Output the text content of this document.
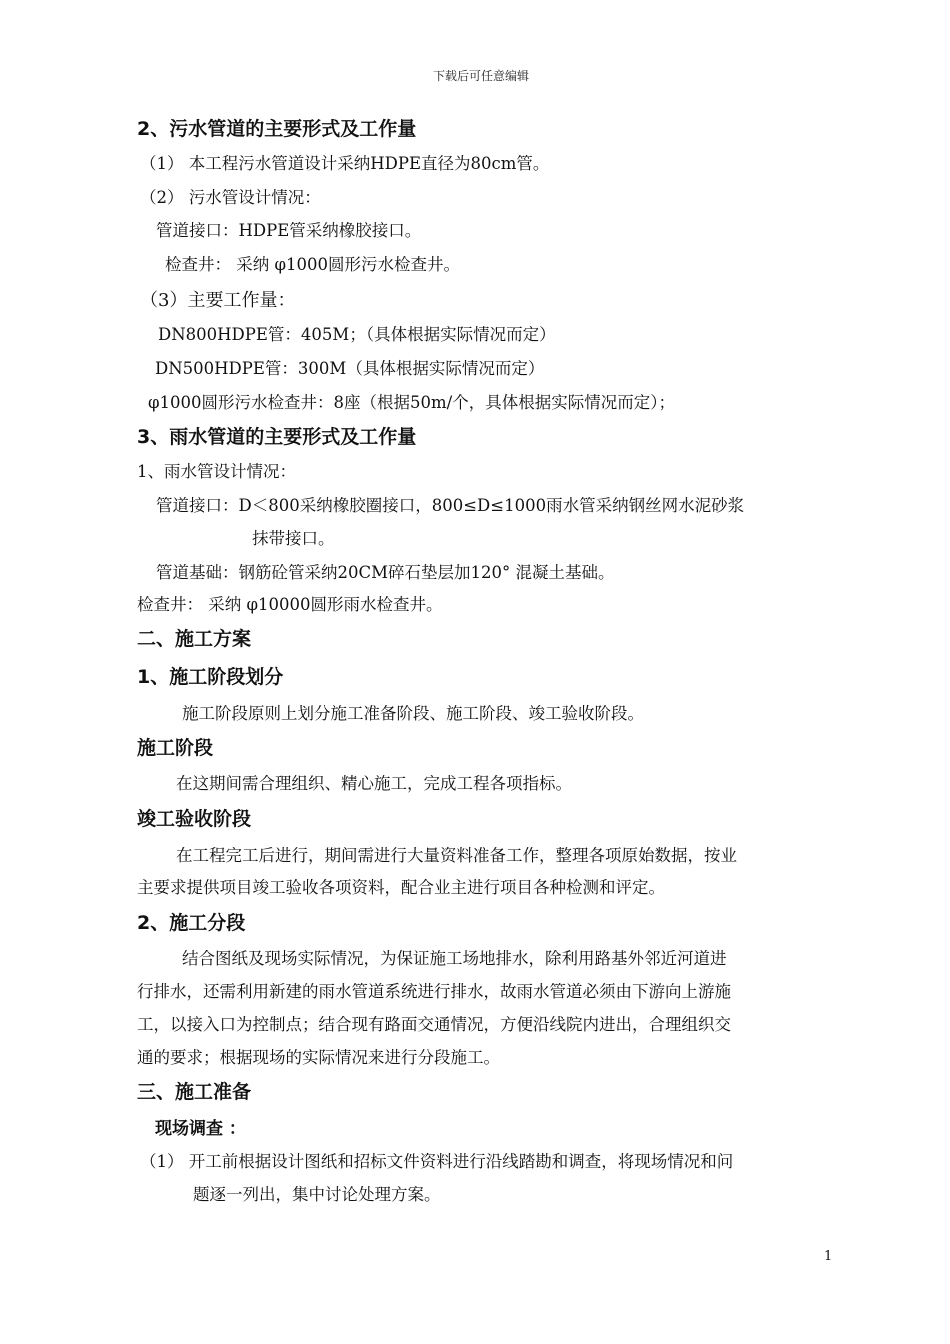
下载后可任意编辑
2、污水管道的主要形式及工作量
（1） 本工程污水管道设计采纳HDPE直径为80cm管。
（2） 污水管设计情况：
管道接口：HDPE管采纳橡胶接口。
检查井： 采纳 φ1000圆形污水检查井。
（3）主要工作量：
DN800HDPE管：405M；（具体根据实际情况而定）
DN500HDPE管：300M（具体根据实际情况而定）
φ1000圆形污水检查井：8座（根据50m/个，具体根据实际情况而定）；
3、雨水管道的主要形式及工作量
1、雨水管设计情况：
管道接口：D＜800采纳橡胶圈接口，800≤D≤1000雨水管采纳钢丝网水泥砂浆
抹带接口。
管道基础：钢筋砼管采纳20CM碎石垫层加120° 混凝土基础。
检查井： 采纳 φ10000圆形雨水检查井。
二、施工方案
1、施工阶段划分
施工阶段原则上划分施工准备阶段、施工阶段、竣工验收阶段。
施工阶段
在这期间需合理组织、精心施工，完成工程各项指标。
竣工验收阶段
在工程完工后进行，期间需进行大量资料准备工作，整理各项原始数据，按业
主要求提供项目竣工验收各项资料，配合业主进行项目各种检测和评定。
2、施工分段
结合图纸及现场实际情况，为保证施工场地排水，除利用路基外邻近河道进
行排水，还需利用新建的雨水管道系统进行排水，故雨水管道必须由下游向上游施
工，以接入口为控制点；结合现有路面交通情况，方便沿线院内进出，合理组织交
通的要求；根据现场的实际情况来进行分段施工。
三、施工准备
现场调查 ：
（1） 开工前根据设计图纸和招标文件资料进行沿线踏勘和调查，将现场情况和问
题逐一列出，集中讨论处理方案。
1
